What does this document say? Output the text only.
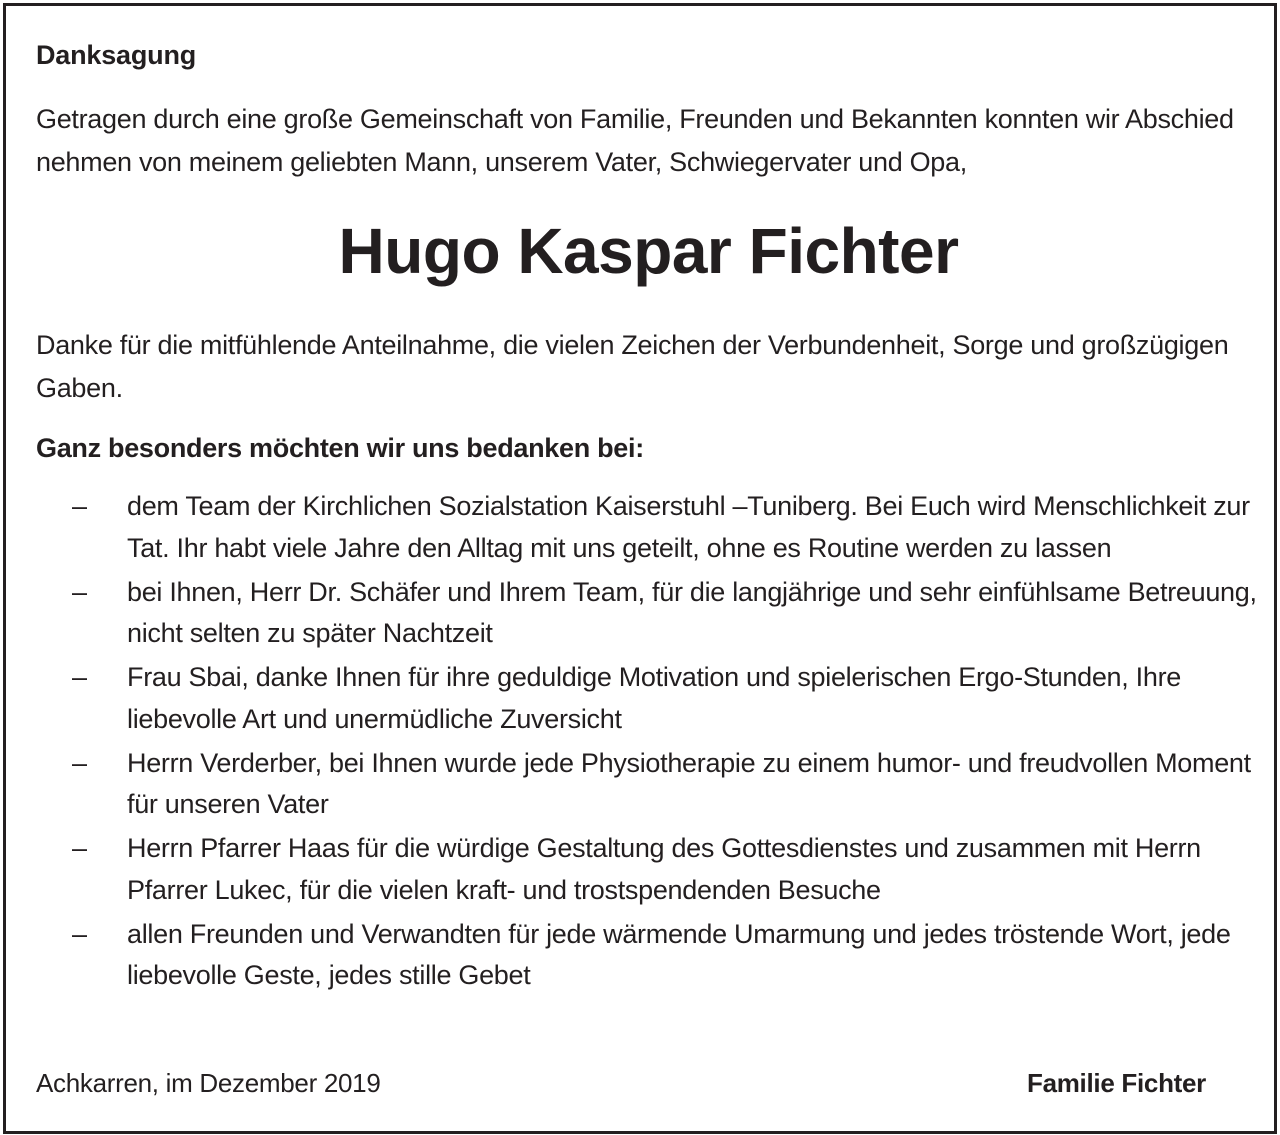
Danksagung
Getragen durch eine große Gemeinschaft von Familie, Freunden und Bekannten konnten wir Abschied nehmen von meinem geliebten Mann, unserem Vater, Schwiegervater und Opa,
Hugo Kaspar Fichter
Danke für die mitfühlende Anteilnahme, die vielen Zeichen der Verbundenheit, Sorge und großzügigen Gaben.
Ganz besonders möchten wir uns bedanken bei:
– dem Team der Kirchlichen Sozialstation Kaiserstuhl –Tuniberg. Bei Euch wird Menschlichkeit zur Tat. Ihr habt viele Jahre den Alltag mit uns geteilt, ohne es Routine werden zu lassen
– bei Ihnen, Herr Dr. Schäfer und Ihrem Team, für die langjährige und sehr einfühlsame Betreuung, nicht selten zu später Nachtzeit
– Frau Sbai, danke Ihnen für ihre geduldige Motivation und spielerischen Ergo-Stunden, Ihre liebevolle Art und unermüdliche Zuversicht
– Herrn Verderber, bei Ihnen wurde jede Physiotherapie zu einem humor- und freudvollen Moment für unseren Vater
– Herrn Pfarrer Haas für die würdige Gestaltung des Gottesdienstes und zusammen mit Herrn Pfarrer Lukec, für die vielen kraft- und trostspendenden Besuche
– allen Freunden und Verwandten für jede wärmende Umarmung und jedes tröstende Wort, jede liebevolle Geste, jedes stille Gebet
Achkarren, im Dezember 2019	Familie Fichter
